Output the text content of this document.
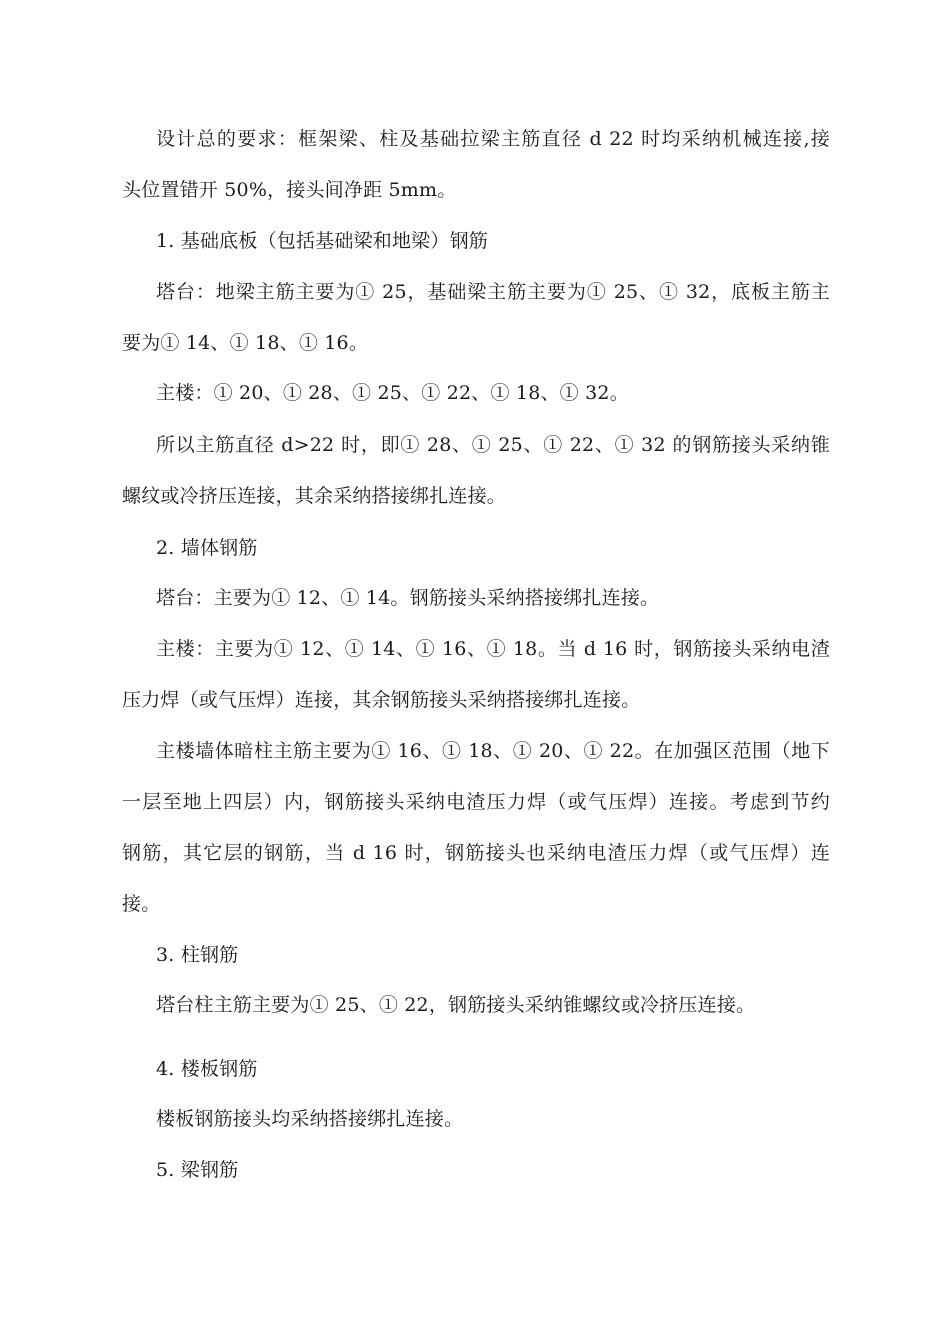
设计总的要求：框架梁、柱及基础拉梁主筋直径 d 22 时均采纳机械连接,接
头位置错开 50%，接头间净距 5mm。
1. 基础底板（包括基础梁和地梁）钢筋
塔台：地梁主筋主要为① 25，基础梁主筋主要为① 25、① 32，底板主筋主
要为① 14、① 18、① 16。
主楼：① 20、① 28、① 25、① 22、① 18、① 32。
所以主筋直径 d>22 时，即① 28、① 25、① 22、① 32 的钢筋接头采纳锥
螺纹或冷挤压连接，其余采纳搭接绑扎连接。
2. 墙体钢筋
塔台：主要为① 12、① 14。钢筋接头采纳搭接绑扎连接。
主楼：主要为① 12、① 14、① 16、① 18。当 d 16 时，钢筋接头采纳电渣
压力焊（或气压焊）连接，其余钢筋接头采纳搭接绑扎连接。
主楼墙体暗柱主筋主要为① 16、① 18、① 20、① 22。在加强区范围（地下
一层至地上四层）内，钢筋接头采纳电渣压力焊（或气压焊）连接。考虑到节约
钢筋，其它层的钢筋，当 d 16 时，钢筋接头也采纳电渣压力焊（或气压焊）连
接。
3. 柱钢筋
塔台柱主筋主要为① 25、① 22，钢筋接头采纳锥螺纹或冷挤压连接。
4. 楼板钢筋
楼板钢筋接头均采纳搭接绑扎连接。
5. 梁钢筋
